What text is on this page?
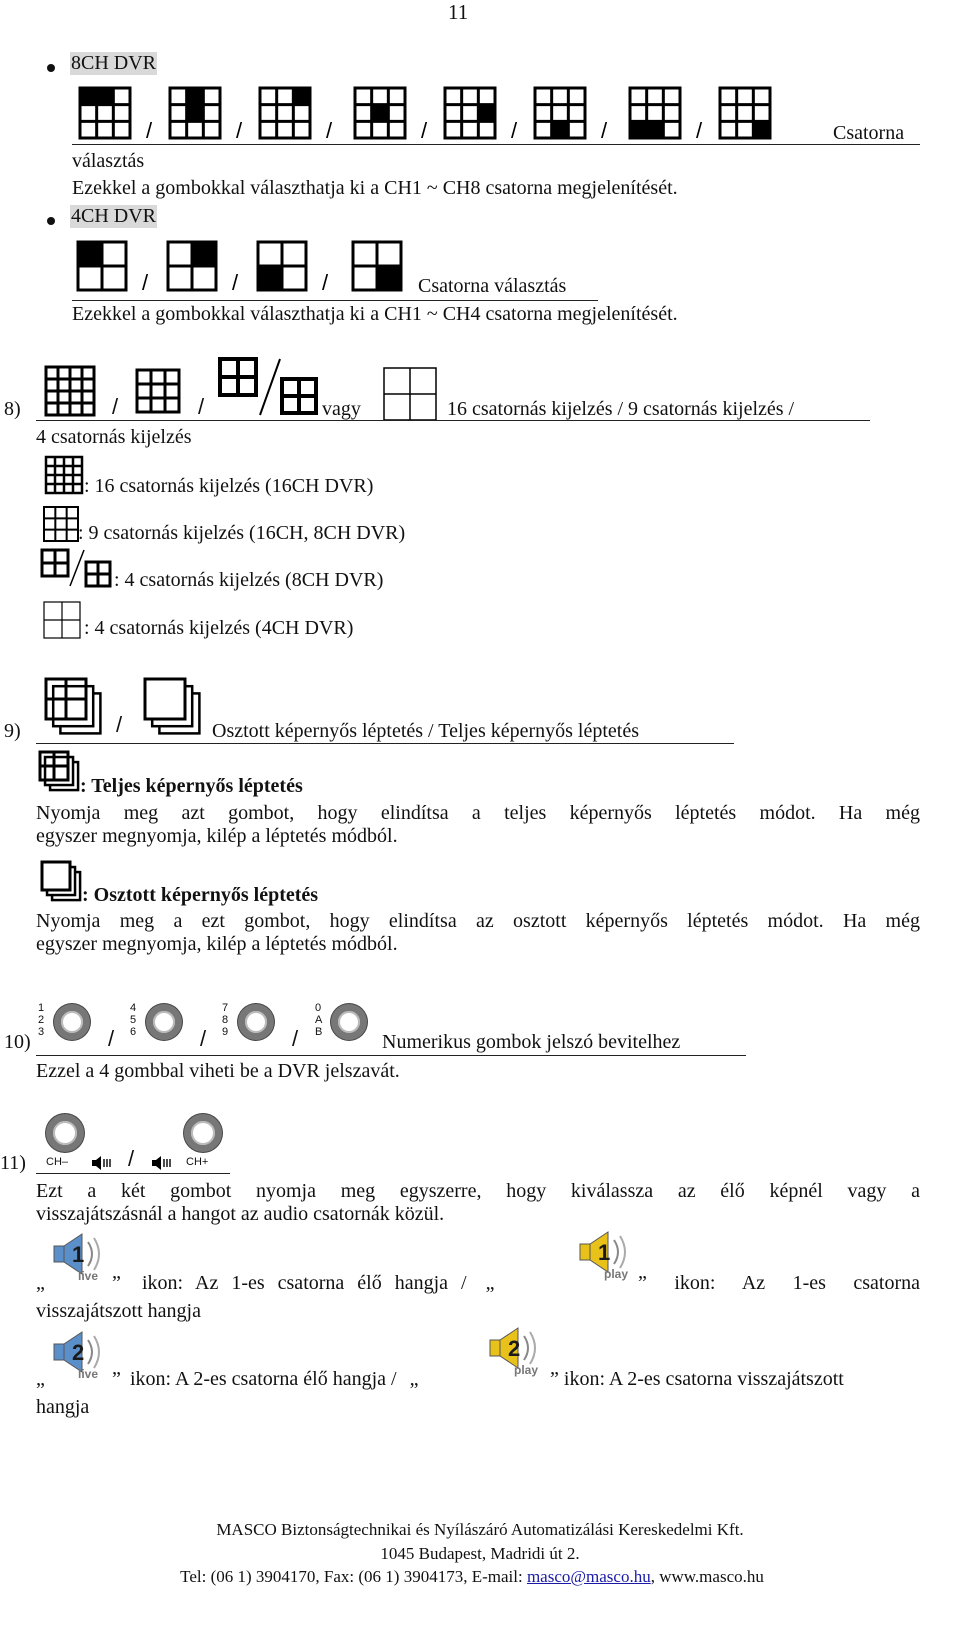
11
8CH DVR
/	/	/	/	/	/	/	Csatorna
választás
Ezekkel a gombokkal választhatja ki a CH1 ~ CH8 csatorna megjelenítését.
4CH DVR
/	/	/	Csatorna választás
Ezekkel a gombokkal választhatja ki a CH1 ~ CH4 csatorna megjelenítését.
8)	/	/	vagy	16 csatornás kijelzés / 9 csatornás kijelzés /
4 csatornás kijelzés
: 16 csatornás kijelzés (16CH DVR)
: 9 csatornás kijelzés (16CH, 8CH DVR)
: 4 csatornás kijelzés (8CH DVR)
: 4 csatornás kijelzés (4CH DVR)
9)	/	Osztott képernyős léptetés / Teljes képernyős léptetés
: Teljes képernyős léptetés
Nyomja meg azt gombot, hogy elindítsa a teljes képernyős léptetés módot. Ha még
egyszer megnyomja, kilép a léptetés módból.
: Osztott képernyős léptetés
Nyomja meg a ezt gombot, hogy elindítsa az osztott képernyős léptetés módot. Ha még
egyszer megnyomja, kilép a léptetés módból.
10)
1
2
3	/
4
5
6	/
7
8
9	/
0
A
B	Numerikus gombok jelszó bevitelhez
Ezzel a 4 gombbal viheti be a DVR jelszavát.
11) CH–	/	CH+
Ezt a két gombot nyomja meg egyszerre, hogy kiválassza az élő képnél vagy a
visszajátszásnál a hangot az audio csatornák közül.
„
1
live ” ikon: Az 1-es csatorna élő hangja / „
1
play ” ikon: Az 1-es csatorna
visszajátszott hangja
„
2
live ” ikon: A 2-es csatorna élő hangja / „
2
play ” ikon: A 2-es csatorna visszajátszott
hangja
MASCO Biztonságtechnikai és Nyílászáró Automatizálási Kereskedelmi Kft.
1045 Budapest, Madridi út 2.
Tel: (06 1) 3904170, Fax: (06 1) 3904173, E-mail: masco@masco.hu, www.masco.hu
